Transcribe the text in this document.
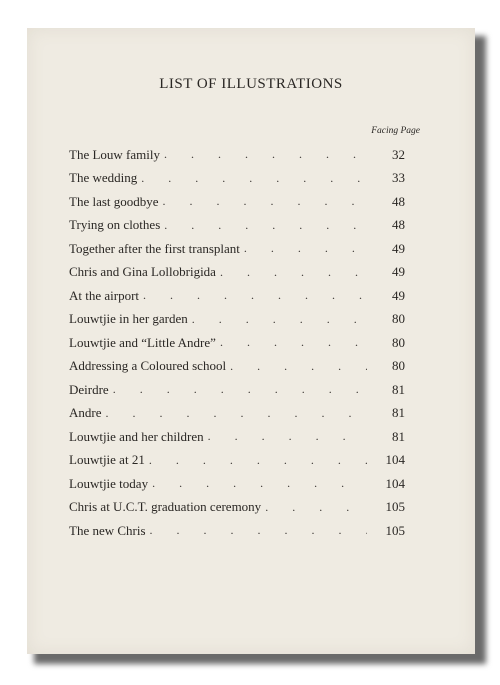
LIST OF ILLUSTRATIONS
Facing Page
The Louw family .	32
The wedding .	33
The last goodbye .	48
Trying on clothes .	48
Together after the first transplant .	49
Chris and Gina Lollobrigida .	49
At the airport .	49
Louwtjie in her garden .	80
Louwtjie and “Little Andre” .	80
Addressing a Coloured school .	80
Deirdre .	81
Andre .	81
Louwtjie and her children .	81
Louwtjie at 21 .	104
Louwtjie today .	104
Chris at U.C.T. graduation ceremony .	105
The new Chris .	105
